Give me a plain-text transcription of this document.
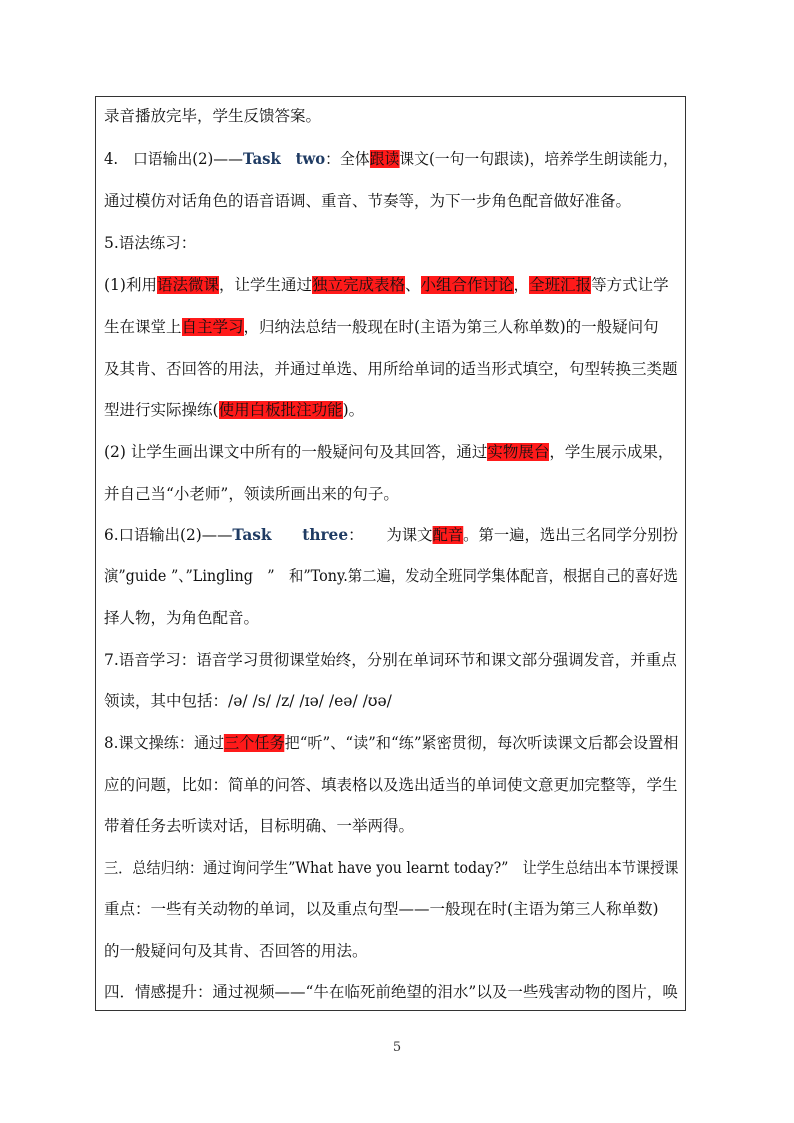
录音播放完毕，学生反馈答案。
4.　口语输出(2)——Task　two：全体跟读课文(一句一句跟读)，培养学生朗读能力，
通过模仿对话角色的语音语调、重音、节奏等，为下一步角色配音做好准备。
5.语法练习：
(1)利用语法微课，让学生通过独立完成表格、小组合作讨论，全班汇报等方式让学
生在课堂上自主学习，归纳法总结一般现在时(主语为第三人称单数)的一般疑问句
及其肯、否回答的用法，并通过单选、用所给单词的适当形式填空，句型转换三类题
型进行实际操练(使用白板批注功能)。
(2) 让学生画出课文中所有的一般疑问句及其回答，通过实物展台，学生展示成果，
并自己当“小老师”，领读所画出来的句子。
6.口语输出(2)——Task　　three：　　为课文配音。第一遍，选出三名同学分别扮
演”guide ”、”Lingling　”　和”Tony.第二遍，发动全班同学集体配音，根据自己的喜好选
择人物，为角色配音。
7.语音学习：语音学习贯彻课堂始终，分别在单词环节和课文部分强调发音，并重点
领读，其中包括：/ə/ /s/ /z/ /ɪə/ /eə/ /ʊə/
8.课文操练：通过三个任务把“听”、“读”和“练”紧密贯彻，每次听读课文后都会设置相
应的问题，比如：简单的问答、填表格以及选出适当的单词使文意更加完整等，学生
带着任务去听读对话，目标明确、一举两得。
三．总结归纳：通过询问学生”What have you learnt today?”　让学生总结出本节课授课
重点：一些有关动物的单词，以及重点句型——一般现在时(主语为第三人称单数)
的一般疑问句及其肯、否回答的用法。
四．情感提升：通过视频——“牛在临死前绝望的泪水”以及一些残害动物的图片，唤
5
